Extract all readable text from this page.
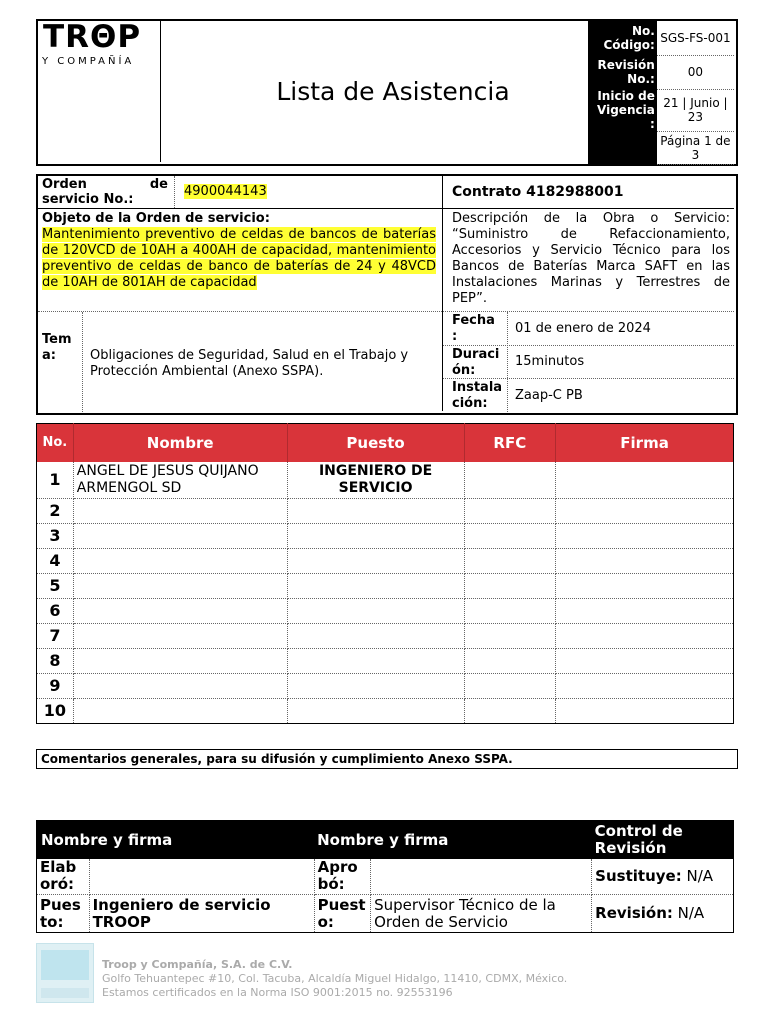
TRΘP
Y COMPAÑÍA
Lista de Asistencia
No. Código:	SGS-FS-001
Revisión No.:	00
Inicio de Vigencia :	21 | Junio | 23
	Página 1 de 3
Orden de servicio No.:
4900044143
Objeto de la Orden de servicio:
Mantenimiento preventivo de celdas de bancos de baterías de 120VCD de 10AH a 400AH de capacidad, mantenimiento preventivo de celdas de banco de baterías de 24 y 48VCD de 10AH de 801AH de capacidad
Tema:	Obligaciones de Seguridad, Salud en el Trabajo y Protección Ambiental (Anexo SSPA).
Contrato 4182988001
Descripción de la Obra o Servicio: “Suministro de Refaccionamiento, Accesorios y Servicio Técnico para los Bancos de Baterías Marca SAFT en las Instalaciones Marinas y Terrestres de PEP”.
Fecha :
01 de enero de 2024
Duración:
15minutos
Instalación:
Zaap-C PB
No.	Nombre	Puesto	RFC	Firma
1	ANGEL DE JESUS QUIJANO ARMENGOL SD	INGENIERO DE SERVICIO		
2				
3				
4				
5				
6				
7				
8				
9				
10				
Comentarios generales, para su difusión y cumplimiento Anexo SSPA.
Nombre y firma		Nombre y firma		Control de Revisión
Elaboró:		Aprobó:		Sustituye: N/A
Puesto:	Ingeniero de servicio TROOP	Puesto:	Supervisor Técnico de la Orden de Servicio	Revisión: N/A
Troop y Compañía, S.A. de C.V.
Golfo Tehuantepec #10, Col. Tacuba, Alcaldía Miguel Hidalgo, 11410, CDMX, México.
Estamos certificados en la Norma ISO 9001:2015 no. 92553196
